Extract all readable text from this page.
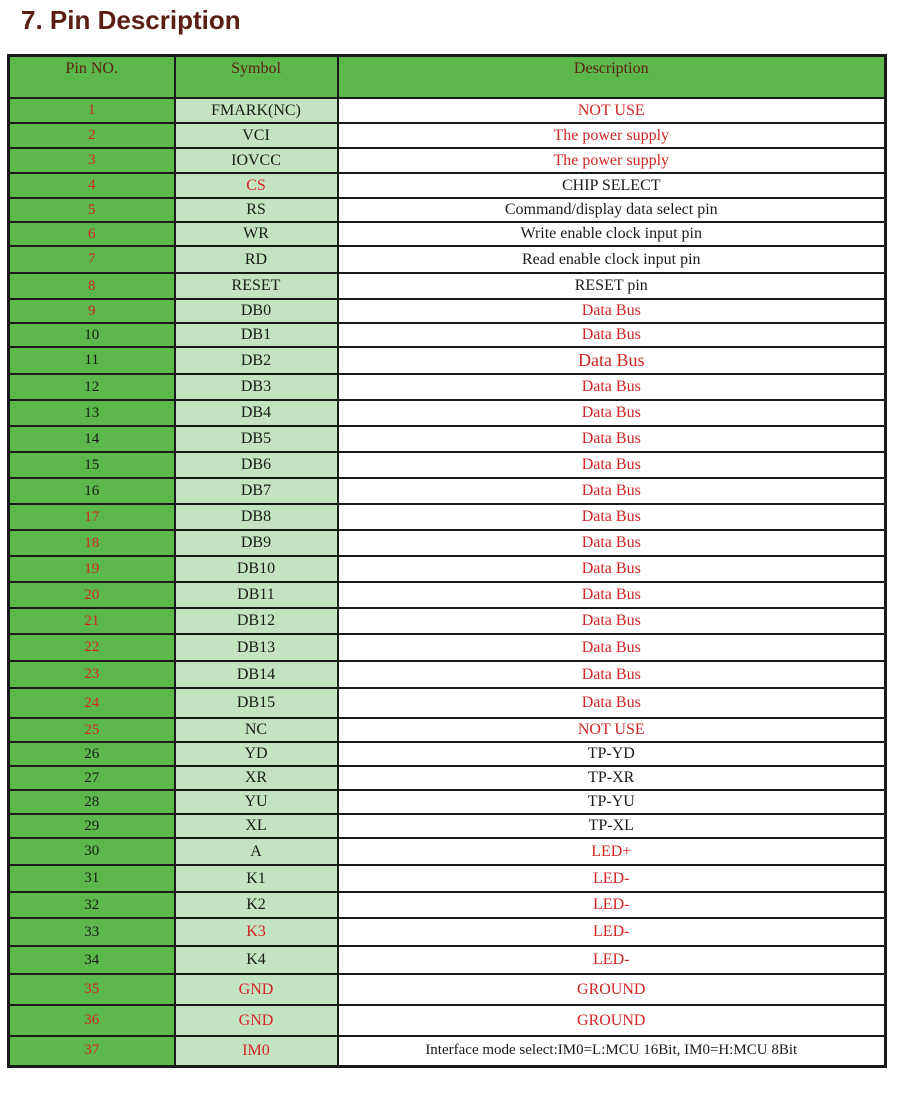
7. Pin Description
Pin NO.	Symbol	Description
1	FMARK(NC)	NOT USE
2	VCI	The power supply
3	IOVCC	The power supply
4	CS	CHIP SELECT
5	RS	Command/display data select pin
6	WR	Write enable clock input pin
7	RD	Read enable clock input pin
8	RESET	RESET pin
9	DB0	Data Bus
10	DB1	Data Bus
11	DB2	Data Bus
12	DB3	Data Bus
13	DB4	Data Bus
14	DB5	Data Bus
15	DB6	Data Bus
16	DB7	Data Bus
17	DB8	Data Bus
18	DB9	Data Bus
19	DB10	Data Bus
20	DB11	Data Bus
21	DB12	Data Bus
22	DB13	Data Bus
23	DB14	Data Bus
24	DB15	Data Bus
25	NC	NOT USE
26	YD	TP-YD
27	XR	TP-XR
28	YU	TP-YU
29	XL	TP-XL
30	A	LED+
31	K1	LED-
32	K2	LED-
33	K3	LED-
34	K4	LED-
35	GND	GROUND
36	GND	GROUND
37	IM0	Interface mode select:IM0=L:MCU 16Bit, IM0=H:MCU 8Bit
